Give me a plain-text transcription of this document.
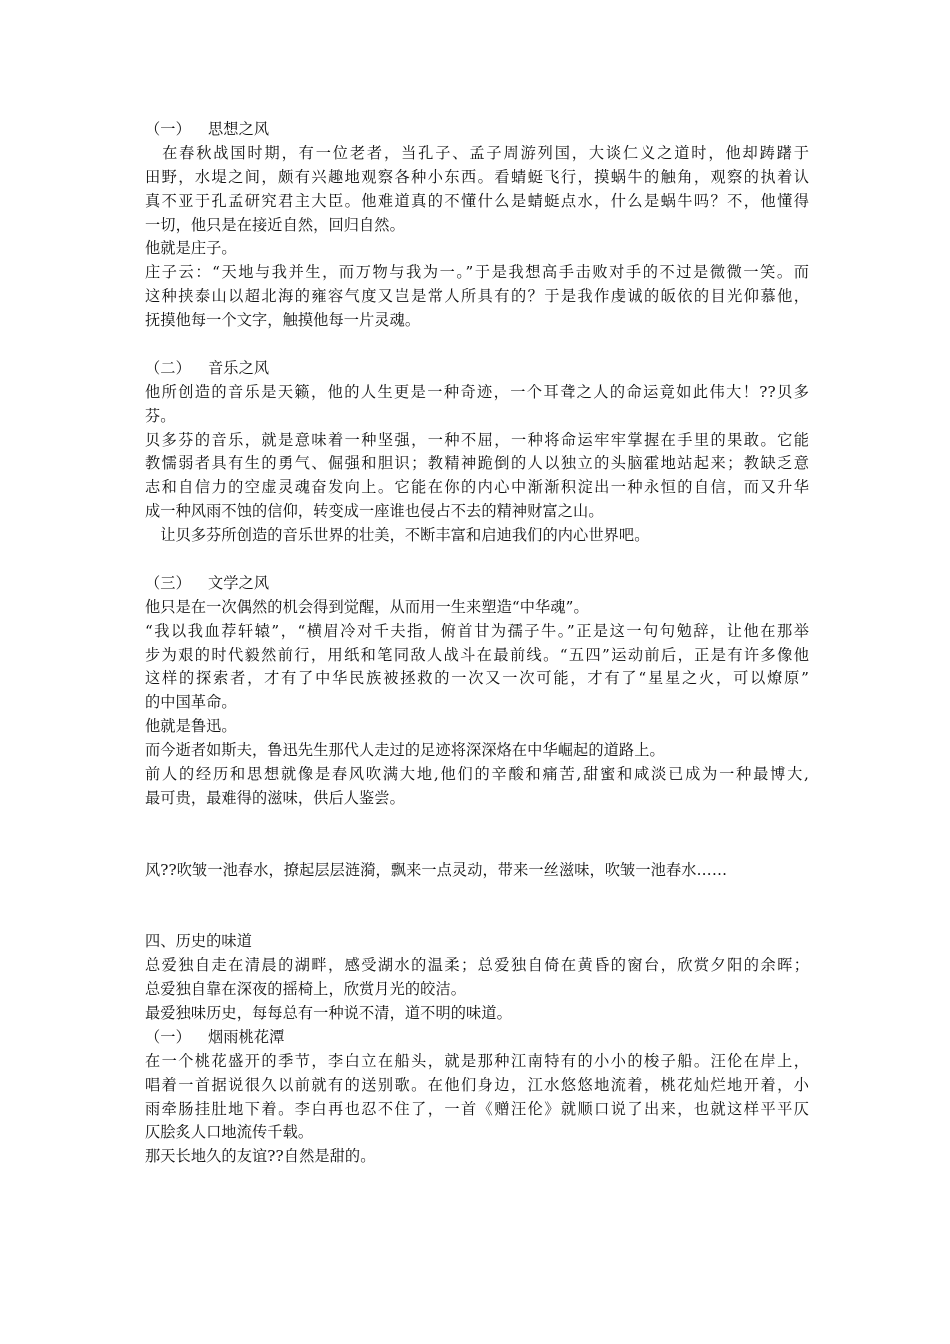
（一） 思想之风
　在春秋战国时期，有一位老者，当孔子、孟子周游列国，大谈仁义之道时，他却踌躇于
田野，水堤之间，颇有兴趣地观察各种小东西。看蜻蜓飞行，摸蜗牛的触角，观察的执着认
真不亚于孔孟研究君主大臣。他难道真的不懂什么是蜻蜓点水，什么是蜗牛吗？不，他懂得
一切，他只是在接近自然，回归自然。
他就是庄子。
庄子云：“天地与我并生，而万物与我为一。”于是我想高手击败对手的不过是微微一笑。而
这种挟泰山以超北海的雍容气度又岂是常人所具有的？于是我作虔诚的皈依的目光仰慕他，
抚摸他每一个文字，触摸他每一片灵魂。
（二） 音乐之风
他所创造的音乐是天籁，他的人生更是一种奇迹，一个耳聋之人的命运竟如此伟大！??贝多
芬。
贝多芬的音乐，就是意味着一种坚强，一种不屈，一种将命运牢牢掌握在手里的果敢。它能
教懦弱者具有生的勇气、倔强和胆识；教精神跪倒的人以独立的头脑霍地站起来；教缺乏意
志和自信力的空虚灵魂奋发向上。它能在你的内心中渐渐积淀出一种永恒的自信，而又升华
成一种风雨不蚀的信仰，转变成一座谁也侵占不去的精神财富之山。
　让贝多芬所创造的音乐世界的壮美，不断丰富和启迪我们的内心世界吧。
（三） 文学之风
他只是在一次偶然的机会得到觉醒，从而用一生来塑造“中华魂”。
“我以我血荐轩辕”，“横眉冷对千夫指，俯首甘为孺子牛。”正是这一句句勉辞，让他在那举
步为艰的时代毅然前行，用纸和笔同敌人战斗在最前线。“五四”运动前后，正是有许多像他
这样的探索者，才有了中华民族被拯救的一次又一次可能，才有了“星星之火，可以燎原”
的中国革命。
他就是鲁迅。
而今逝者如斯夫，鲁迅先生那代人走过的足迹将深深烙在中华崛起的道路上。
前人的经历和思想就像是春风吹满大地,他们的辛酸和痛苦,甜蜜和咸淡已成为一种最博大,
最可贵，最难得的滋味，供后人鉴尝。
风??吹皱一池春水，撩起层层涟漪，飘来一点灵动，带来一丝滋味，吹皱一池春水……
四、历史的味道
总爱独自走在清晨的湖畔，感受湖水的温柔；总爱独自倚在黄昏的窗台，欣赏夕阳的余晖；
总爱独自靠在深夜的摇椅上，欣赏月光的皎洁。
最爱独味历史，每每总有一种说不清，道不明的味道。
（一） 烟雨桃花潭
在一个桃花盛开的季节，李白立在船头，就是那种江南特有的小小的梭子船。汪伦在岸上，
唱着一首据说很久以前就有的送别歌。在他们身边，江水悠悠地流着，桃花灿烂地开着，小
雨牵肠挂肚地下着。李白再也忍不住了，一首《赠汪伦》就顺口说了出来，也就这样平平仄
仄脍炙人口地流传千载。
那天长地久的友谊??自然是甜的。
